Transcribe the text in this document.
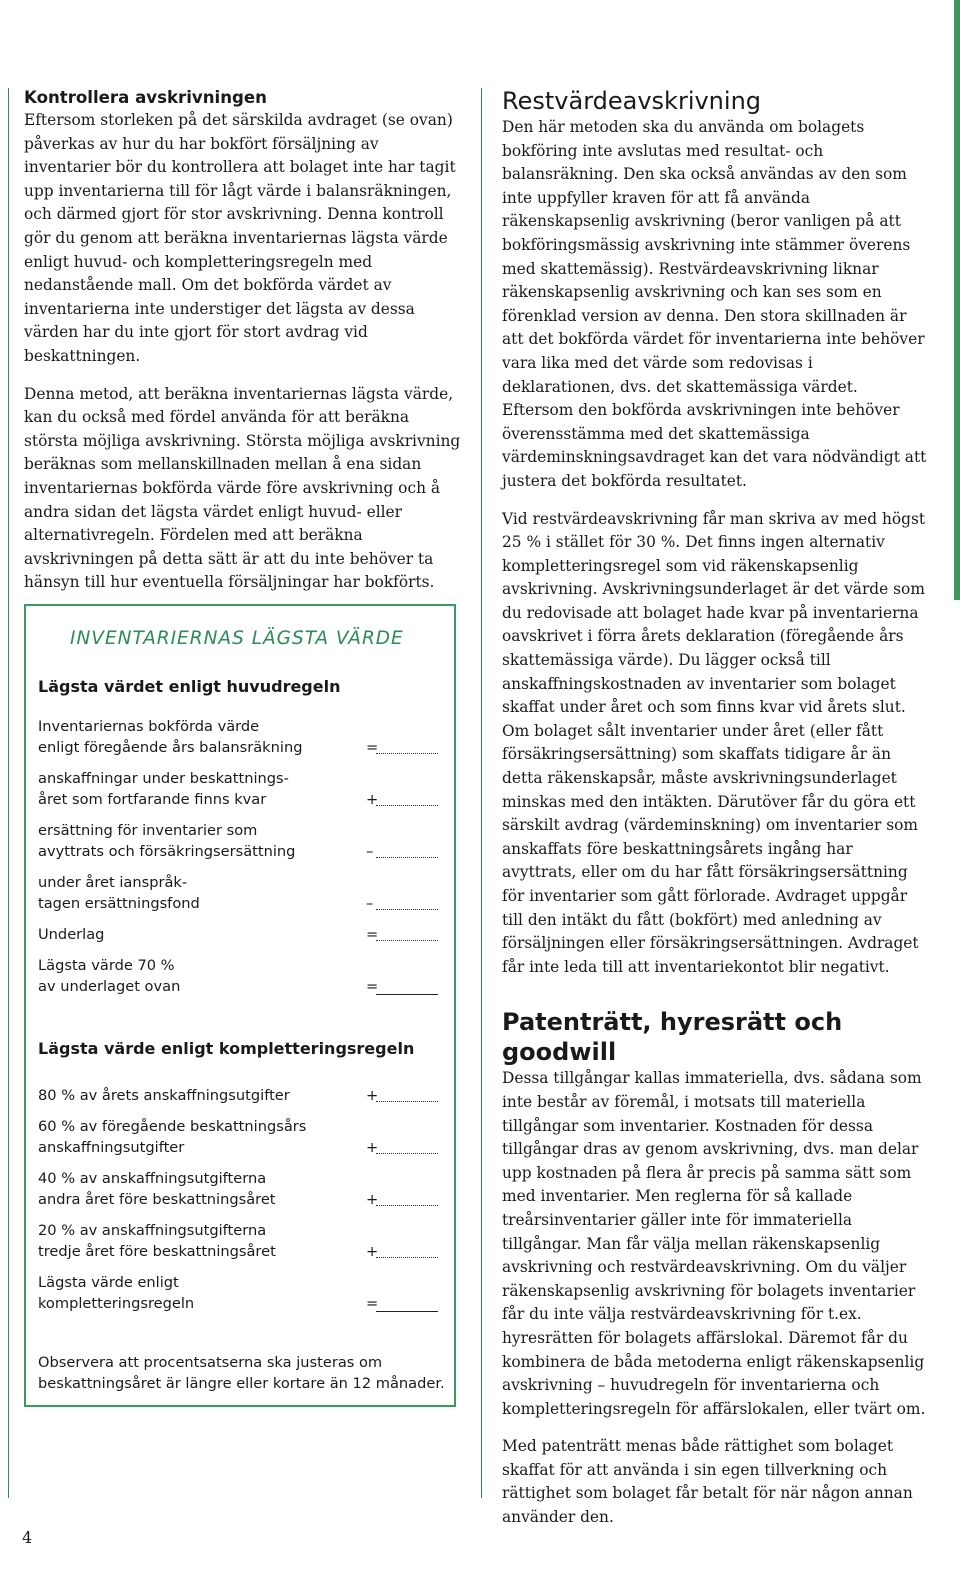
Kontrollera avskrivningen

Eftersom storleken på det särskilda avdraget (se ovan) påverkas av hur du har bokfört försäljning av inventarier bör du kontrollera att bolaget inte har tagit upp inventarierna till för lågt värde i balansräkningen, och därmed gjort för stor avskrivning. Denna kontroll gör du genom att beräkna inventariernas lägsta värde enligt huvud- och kompletteringsregeln med nedanstående mall. Om det bokförda värdet av inventarierna inte understiger det lägsta av dessa värden har du inte gjort för stort avdrag vid beskattningen.

Denna metod, att beräkna inventariernas lägsta värde, kan du också med fördel använda för att beräkna största möjliga avskrivning. Största möjliga avskrivning beräknas som mellanskillnaden mellan å ena sidan inventariernas bokförda värde före avskrivning och å andra sidan det lägsta värdet enligt huvud- eller alternativregeln. Fördelen med att beräkna avskrivningen på detta sätt är att du inte behöver ta hänsyn till hur eventuella försäljningar har bokförts.

INVENTARIERNAS LÄGSTA VÄRDE
Lägsta värdet enligt huvudregeln
Inventariernas bokförda värde
enligt föregående års balansräkning	=
anskaffningar under beskattnings-
året som fortfarande finns kvar	+
ersättning för inventarier som
avyttrats och försäkringsersättning	–
under året ianspråk-
tagen ersättningsfond	–
Underlag	=
Lägsta värde 70 %
av underlaget ovan	=
Lägsta värde enligt kompletteringsregeln
80 % av årets anskaffningsutgifter	+
60 % av föregående beskattningsårs
anskaffningsutgifter	+
40 % av anskaffningsutgifterna
andra året före beskattningsåret	+
20 % av anskaffningsutgifterna
tredje året före beskattningsåret	+
Lägsta värde enligt
kompletteringsregeln	=
Observera att procentsatserna ska justeras om beskattningsåret är längre eller kortare än 12 månader.
Restvärdeavskrivning

Den här metoden ska du använda om bolagets bokföring inte avslutas med resultat- och balansräkning. Den ska också användas av den som inte uppfyller kraven för att få använda räkenskapsenlig avskrivning (beror vanligen på att bokföringsmässig avskrivning inte stämmer överens med skattemässig). Restvärdeavskrivning liknar räkenskapsenlig avskrivning och kan ses som en förenklad version av denna. Den stora skillnaden är att det bokförda värdet för inventarierna inte behöver vara lika med det värde som redovisas i deklarationen, dvs. det skattemässiga värdet. Eftersom den bokförda avskrivningen inte behöver överensstämma med det skattemässiga värdeminskningsavdraget kan det vara nödvändigt att justera det bokförda resultatet.

Vid restvärdeavskrivning får man skriva av med högst 25 % i stället för 30 %. Det finns ingen alternativ kompletteringsregel som vid räkenskapsenlig avskrivning. Avskrivningsunderlaget är det värde som du redovisade att bolaget hade kvar på inventarierna oavskrivet i förra årets deklaration (föregående års skattemässiga värde). Du lägger också till anskaffningskostnaden av inventarier som bolaget skaffat under året och som finns kvar vid årets slut. Om bolaget sålt inventarier under året (eller fått försäkringsersättning) som skaffats tidigare år än detta räkenskapsår, måste avskrivningsunderlaget minskas med den intäkten. Därutöver får du göra ett särskilt avdrag (värdeminskning) om inventarier som anskaffats före beskattningsårets ingång har avyttrats, eller om du har fått försäkringsersättning för inventarier som gått förlorade. Avdraget uppgår till den intäkt du fått (bokfört) med anledning av försäljningen eller försäkringsersättningen. Avdraget får inte leda till att inventariekontot blir negativt.

Patenträtt, hyresrätt och goodwill

Dessa tillgångar kallas immateriella, dvs. sådana som inte består av föremål, i motsats till materiella tillgångar som inventarier. Kostnaden för dessa tillgångar dras av genom avskrivning, dvs. man delar upp kostnaden på flera år precis på samma sätt som med inventarier. Men reglerna för så kallade treårsinventarier gäller inte för immateriella tillgångar. Man får välja mellan räkenskapsenlig avskrivning och restvärdeavskrivning. Om du väljer räkenskapsenlig avskrivning för bolagets inventarier får du inte välja restvärdeavskrivning för t.ex. hyresrätten för bolagets affärslokal. Däremot får du kombinera de båda metoderna enligt räkenskapsenlig avskrivning – huvudregeln för inventarierna och kompletteringsregeln för affärslokalen, eller tvärt om.

Med patenträtt menas både rättighet som bolaget skaffat för att använda i sin egen tillverkning och rättighet som bolaget får betalt för när någon annan använder den.

4
